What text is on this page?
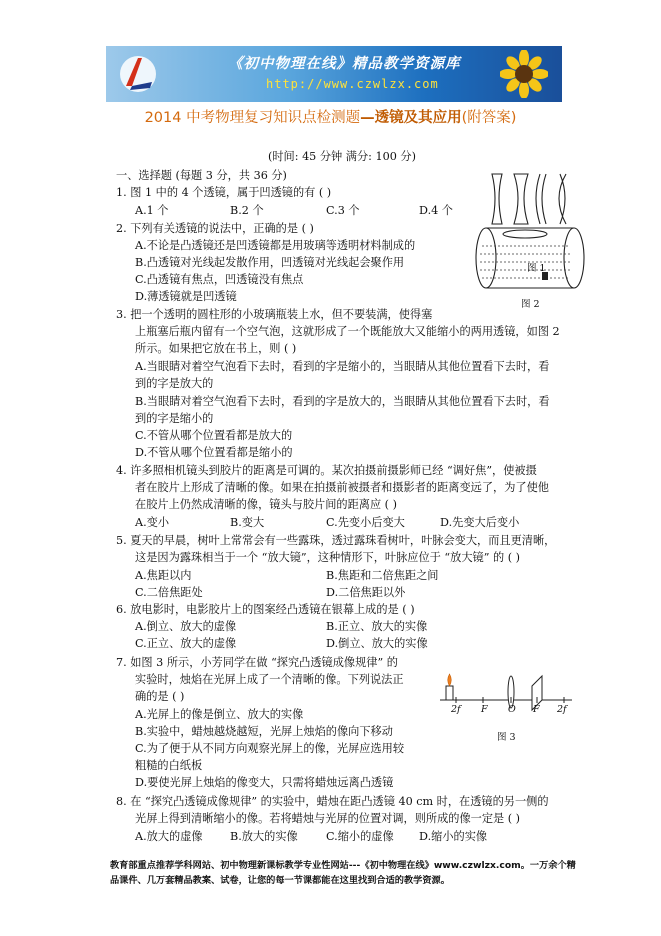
《初中物理在线》精品教学资源库
http://www.czwlzx.com
2014 中考物理复习知识点检测题—透镜及其应用(附答案)
(时间: 45 分钟 满分: 100 分)
一、选择题 (每题 3 分，共 36 分)
1. 图 1 中的 4 个透镜，属于凹透镜的有 ( )
A.1 个	B.2 个	C.3 个	D.4 个
2. 下列有关透镜的说法中，正确的是 ( )
A.不论是凸透镜还是凹透镜都是用玻璃等透明材料制成的
B.凸透镜对光线起发散作用，凹透镜对光线起会聚作用
C.凸透镜有焦点，凹透镜没有焦点
D.薄透镜就是凹透镜
3. 把一个透明的圆柱形的小玻璃瓶装上水，但不要装满，使得塞
上瓶塞后瓶内留有一个空气泡，这就形成了一个既能放大又能缩小的两用透镜，如图 2
所示。如果把它放在书上，则 ( )
A.当眼睛对着空气泡看下去时，看到的字是缩小的，当眼睛从其他位置看下去时，看
到的字是放大的
B.当眼睛对着空气泡看下去时，看到的字是放大的，当眼睛从其他位置看下去时，看
到的字是缩小的
C.不管从哪个位置看都是放大的
D.不管从哪个位置看都是缩小的
4. 许多照相机镜头到胶片的距离是可调的。某次拍摄前摄影师已经 “调好焦”，使被摄
者在胶片上形成了清晰的像。如果在拍摄前被摄者和摄影者的距离变远了，为了使他
在胶片上仍然成清晰的像，镜头与胶片间的距离应 ( )
A.变小	B.变大	C.先变小后变大	D.先变大后变小
5. 夏天的早晨，树叶上常常会有一些露珠，透过露珠看树叶，叶脉会变大，而且更清晰，
这是因为露珠相当于一个 “放大镜”，这种情形下，叶脉应位于 “放大镜” 的 ( )
A.焦距以内	B.焦距和二倍焦距之间
C.二倍焦距处	D.二倍焦距以外
6. 放电影时，电影胶片上的图案经凸透镜在银幕上成的是 ( )
A.倒立、放大的虚像	B.正立、放大的实像
C.正立、放大的虚像	D.倒立、放大的实像
7. 如图 3 所示，小芳同学在做 “探究凸透镜成像规律” 的
实验时，烛焰在光屏上成了一个清晰的像。下列说法正
确的是 ( )
A.光屏上的像是倒立、放大的实像
B.实验中，蜡烛越烧越短，光屏上烛焰的像向下移动
C.为了便于从不同方向观察光屏上的像，光屏应选用较
粗糙的白纸板
D.要使光屏上烛焰的像变大，只需将蜡烛远离凸透镜
8. 在 “探究凸透镜成像规律” 的实验中，蜡烛在距凸透镜 40 cm 时，在透镜的另一侧的
光屏上得到清晰缩小的像。若将蜡烛与光屏的位置对调，则所成的像一定是 ( )
A.放大的虚像 B.放大的实像	C.缩小的虚像 D.缩小的实像
图 1
图 2
2f F O F 2f
图 3
教育部重点推荐学科网站、初中物理新课标教学专业性网站---《初中物理在线》www.czwlzx.com。一万余个精品课件、几万套精品教案、试卷，让您的每一节课都能在这里找到合适的教学资源。
